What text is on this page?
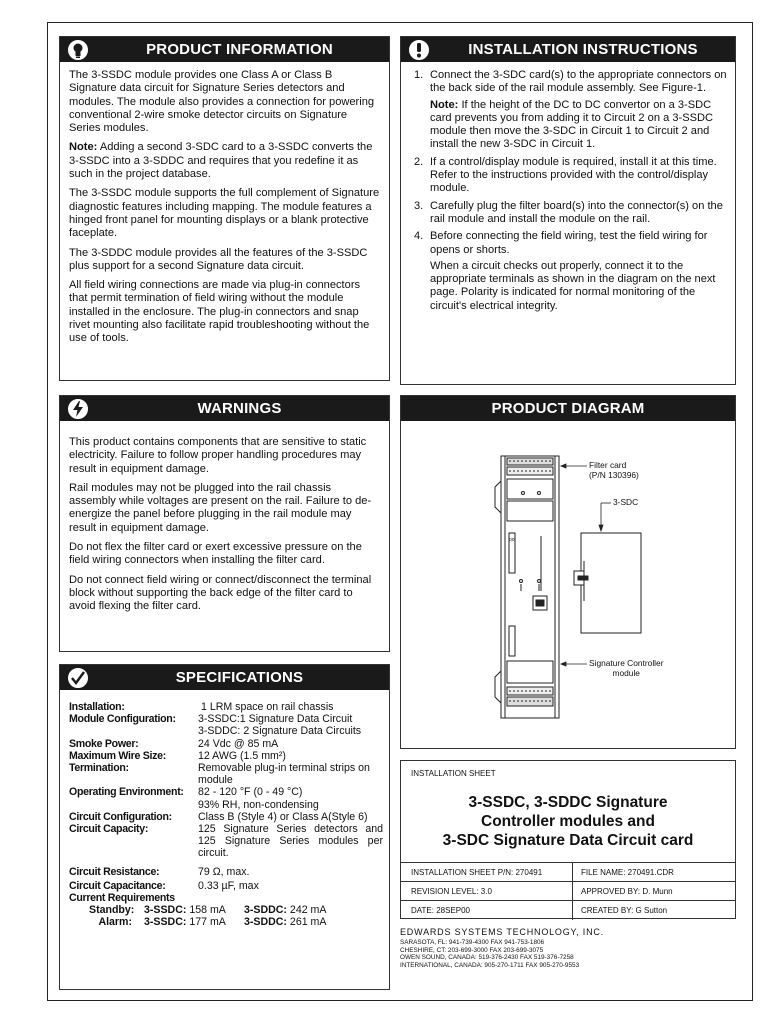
PRODUCT INFORMATION

The 3-SSDC module provides one Class A or Class B Signature data circuit for Signature Series detectors and modules. The module also provides a connection for powering conventional 2-wire smoke detector circuits on Signature Series modules.

Note: Adding a second 3-SDC card to a 3-SSDC converts the 3-SSDC into a 3-SDDC and requires that you redefine it as such in the project database.

The 3-SSDC module supports the full complement of Signature diagnostic features including mapping. The module features a hinged front panel for mounting displays or a blank protective faceplate.

The 3-SDDC module provides all the features of the 3-SSDC plus support for a second Signature data circuit.

All field wiring connections are made via plug-in connectors that permit termination of field wiring without the module installed in the enclosure. The plug-in connectors and snap rivet mounting also facilitate rapid troubleshooting without the use of tools.

INSTALLATION INSTRUCTIONS
1. Connect the 3-SDC card(s) to the appropriate connectors on the back side of the rail module assembly. See Figure-1.

Note: If the height of the DC to DC convertor on a 3-SDC card prevents you from adding it to Circuit 2 on a 3-SSDC module then move the 3-SDC in Circuit 1 to Circuit 2 and install the new 3-SDC in Circuit 1.

2. If a control/display module is required, install it at this time. Refer to the instructions provided with the control/display module.

3. Carefully plug the filter board(s) into the connector(s) on the rail module and install the module on the rail.

4. Before connecting the field wiring, test the field wiring for opens or shorts.

When a circuit checks out properly, connect it to the appropriate terminals as shown in the diagram on the next page. Polarity is indicated for normal monitoring of the circuit's electrical integrity.

WARNINGS

This product contains components that are sensitive to static electricity. Failure to follow proper handling procedures may result in equipment damage.

Rail modules may not be plugged into the rail chassis assembly while voltages are present on the rail. Failure to de-energize the panel before plugging in the rail module may result in equipment damage.

Do not flex the filter card or exert excessive pressure on the field wiring connectors when installing the filter card.

Do not connect field wiring or connect/disconnect the terminal block without supporting the back edge of the filter card to avoid flexing the filter card.

PRODUCT DIAGRAM
oo
Filter card
(P/N 130396)
3-SDC
Signature Controller
module
SPECIFICATIONS
Installation:	1 LRM space on rail chassis
Module Configuration:	3-SSDC:1 Signature Data Circuit
3-SDDC: 2 Signature Data Circuits
Smoke Power:	24 Vdc @ 85 mA
Maximum Wire Size:	12 AWG (1.5 mm²)
Termination:	Removable plug-in terminal strips on module
Operating Environment:	82 - 120 °F (0 - 49 °C)
93% RH, non-condensing
Circuit Configuration:	Class B (Style 4) or Class A(Style 6)
Circuit Capacity:	125 Signature Series detectors and 125 Signature Series modules per circuit.
Circuit Resistance:	79 Ω, max.
Circuit Capacitance:	0.33 µF, max
Current Requirements
Standby: 3-SSDC: 158 mA 3-SDDC: 242 mA
Alarm: 3-SSDC: 177 mA 3-SDDC: 261 mA
INSTALLATION SHEET
3-SSDC, 3-SDDC Signature
Controller modules and
3-SDC Signature Data Circuit card
INSTALLATION SHEET P/N: 270491	FILE NAME: 270491.CDR
REVISION LEVEL: 3.0	APPROVED BY: D. Munn
DATE: 28SEP00	CREATED BY: G Sutton
EDWARDS SYSTEMS TECHNOLOGY, INC.
SARASOTA, FL: 941-739-4300 FAX 941-753-1806
CHESHIRE, CT: 203-699-3000 FAX 203-699-3075
OWEN SOUND, CANADA: 519-376-2430 FAX 519-376-7258
INTERNATIONAL, CANADA: 905-270-1711 FAX 905-270-9553
